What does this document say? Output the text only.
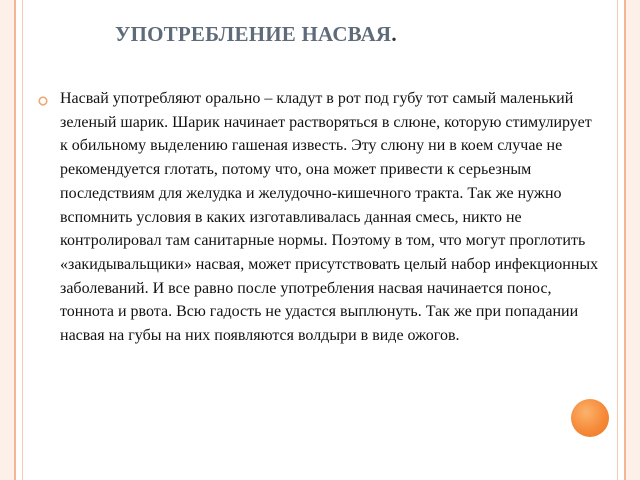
УПОТРЕБЛЕНИЕ НАСВАЯ.
Насвай употребляют орально – кладут в рот под губу тот самый маленький зеленый шарик. Шарик начинает растворяться в слюне, которую стимулирует к обильному выделению гашеная известь. Эту слюну ни в коем случае не рекомендуется глотать, потому что, она может привести к серьезным последствиям для желудка и желудочно-кишечного тракта. Так же нужно вспомнить условия в каких изготавливалась данная смесь, никто не контролировал там санитарные нормы. Поэтому в том, что могут проглотить «закидывальщики» насвая, может присутствовать целый набор инфекционных заболеваний. И все равно после употребления насвая начинается понос, тоннота и рвота. Всю гадость не удастся выплюнуть. Так же при попадании насвая на губы на них появляются волдыри в виде ожогов.
